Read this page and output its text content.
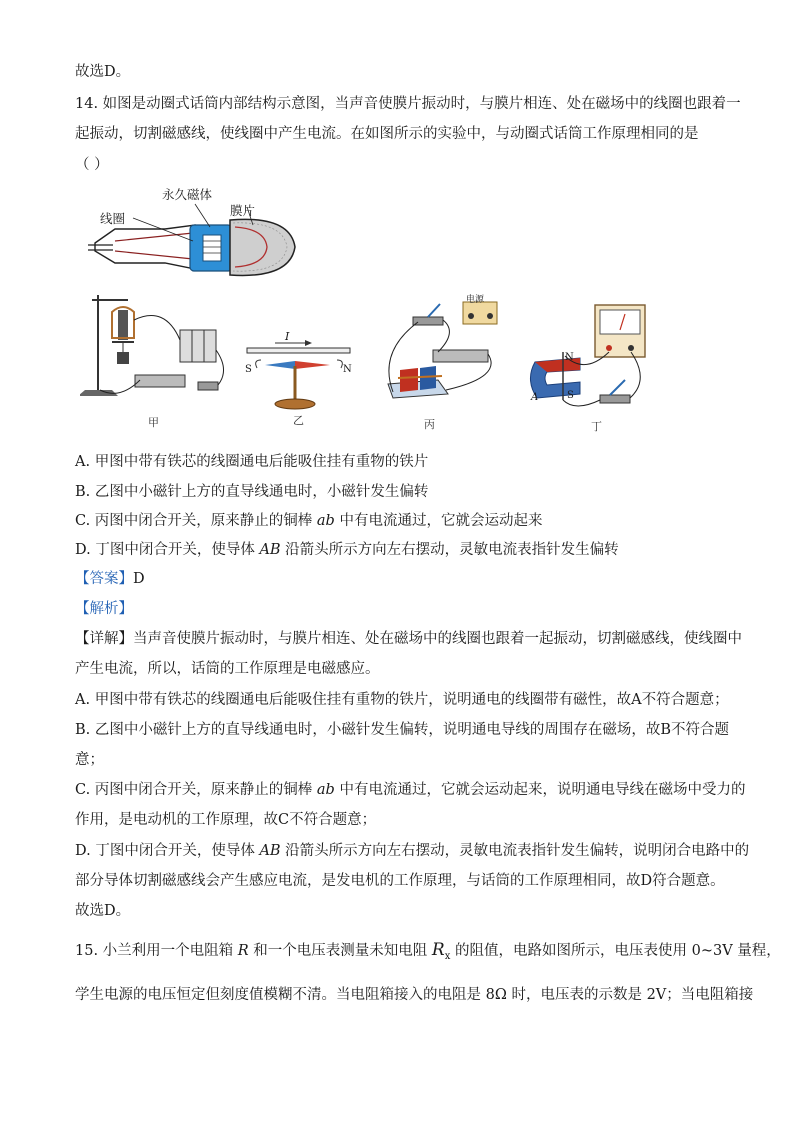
故选D。
14. 如图是动圈式话筒内部结构示意图，当声音使膜片振动时，与膜片相连、处在磁场中的线圈也跟着一
起振动，切割磁感线，使线圈中产生电流。在如图所示的实验中，与动圈式话筒工作原理相同的是
（ ）
永久磁体
线圈
膜片
甲
I
S	N
乙
电源
丙
N
S
A
丁
A. 甲图中带有铁芯的线圈通电后能吸住挂有重物的铁片
B. 乙图中小磁针上方的直导线通电时，小磁针发生偏转
C. 丙图中闭合开关，原来静止的铜棒 ab 中有电流通过，它就会运动起来
D. 丁图中闭合开关，使导体 AB 沿箭头所示方向左右摆动，灵敏电流表指针发生偏转
【答案】D
【解析】
【详解】当声音使膜片振动时，与膜片相连、处在磁场中的线圈也跟着一起振动，切割磁感线，使线圈中
产生电流，所以，话筒的工作原理是电磁感应。
A. 甲图中带有铁芯的线圈通电后能吸住挂有重物的铁片，说明通电的线圈带有磁性，故A不符合题意；
B. 乙图中小磁针上方的直导线通电时，小磁针发生偏转，说明通电导线的周围存在磁场，故B不符合题
意；
C. 丙图中闭合开关，原来静止的铜棒 ab 中有电流通过，它就会运动起来，说明通电导线在磁场中受力的
作用，是电动机的工作原理，故C不符合题意；
D. 丁图中闭合开关，使导体 AB 沿箭头所示方向左右摆动，灵敏电流表指针发生偏转，说明闭合电路中的
部分导体切割磁感线会产生感应电流，是发电机的工作原理，与话筒的工作原理相同，故D符合题意。
故选D。
15. 小兰利用一个电阻箱 R 和一个电压表测量未知电阻 $R_x$ 的阻值，电路如图所示，电压表使用 0~3V 量程，
学生电源的电压恒定但刻度值模糊不清。当电阻箱接入的电阻是 8Ω 时，电压表的示数是 2V；当电阻箱接
